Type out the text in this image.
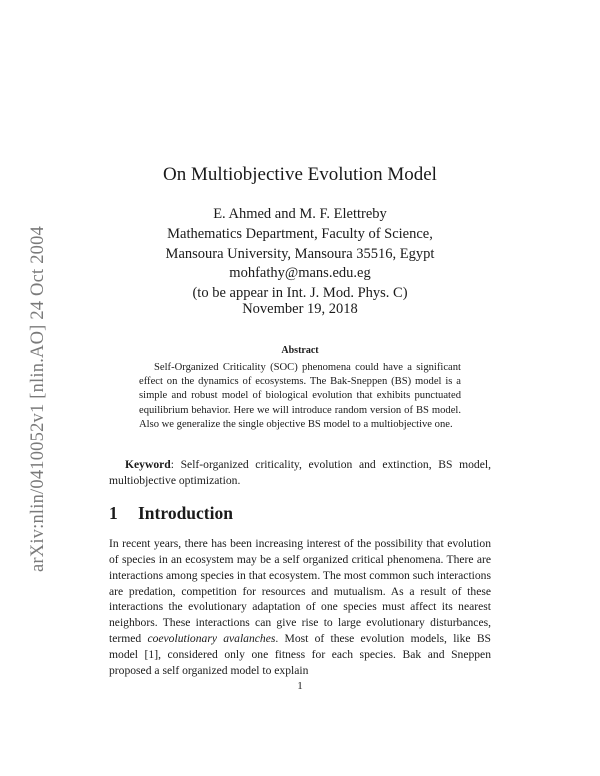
arXiv:nlin/0410052v1 [nlin.AO] 24 Oct 2004
On Multiobjective Evolution Model
E. Ahmed and M. F. Elettreby
Mathematics Department, Faculty of Science,
Mansoura University, Mansoura 35516, Egypt
mohfathy@mans.edu.eg
(to be appear in Int. J. Mod. Phys. C)
November 19, 2018
Abstract
Self-Organized Criticality (SOC) phenomena could have a significant effect on the dynamics of ecosystems. The Bak-Sneppen (BS) model is a simple and robust model of biological evolution that exhibits punctuated equilibrium behavior. Here we will introduce random version of BS model. Also we generalize the single objective BS model to a multiobjective one.
Keyword: Self-organized criticality, evolution and extinction, BS model, multiobjective optimization.
1 Introduction
In recent years, there has been increasing interest of the possibility that evolution of species in an ecosystem may be a self organized critical phenomena. There are interactions among species in that ecosystem. The most common such interactions are predation, competition for resources and mutualism. As a result of these interactions the evolutionary adaptation of one species must affect its nearest neighbors. These interactions can give rise to large evolutionary disturbances, termed coevolutionary avalanches. Most of these evolution models, like BS model [1], considered only one fitness for each species. Bak and Sneppen proposed a self organized model to explain
1
